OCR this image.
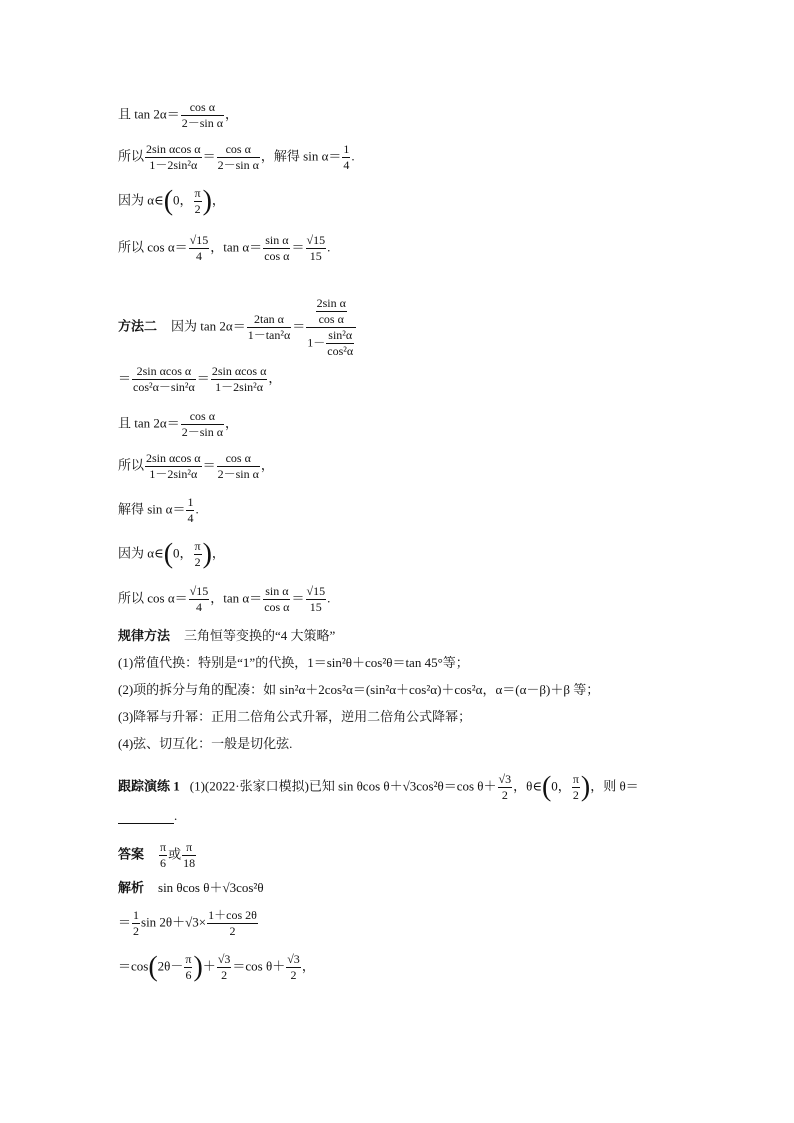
且 $\tan 2\alpha= \frac{\text{cos α}}{\text{2－sin α}}$ ，
所以 $\frac{\text{2sin αcos α}}{\text{1－2sin²α}} = \frac{\text{cos α}}{\text{2－sin α}}$ ，解得 $\sin \alpha= \frac{1}{4}$ .
因为 α∈(0， $\frac{\pi}{2}$ )，
所以 $\cos \alpha= \frac{√15}{4}$ ，$\tan \alpha= \frac{\text{sin α}}{\text{cos α}} = \frac{√15}{15}$ .
方法二 因为 $\tan 2\alpha= \frac{\text{2tan α}}{\text{1－tan²α}} = \frac{\frac{\text{2sin α}}{\text{cos α}}}{1- \frac{\text{sin²α}}{\text{cos²α}}}$
＝ $\frac{\text{2sin αcos α}}{\text{cos²α－sin²α}} = \frac{\text{2sin αcos α}}{\text{1－2sin²α}}$ ，
且 $\tan 2\alpha= \frac{\text{cos α}}{\text{2－sin α}}$ ，
所以 $\frac{\text{2sin αcos α}}{\text{1－2sin²α}} = \frac{\text{cos α}}{\text{2－sin α}}$ ，
解得 $\sin \alpha= \frac{1}{4}$ .
因为 α∈(0， $\frac{\pi}{2}$ )，
所以 $\cos \alpha= \frac{√15}{4}$ ，$\tan \alpha= \frac{\text{sin α}}{\text{cos α}} = \frac{√15}{15}$ .
规律方法 三角恒等变换的“4 大策略”
(1)常值代换：特别是“1”的代换，1＝sin²θ＋cos²θ＝tan 45°等；
(2)项的拆分与角的配凑：如 sin²α＋2cos²α＝(sin²α＋cos²α)＋cos²α，α＝(α－β)＋β 等；
(3)降幂与升幂：正用二倍角公式升幂，逆用二倍角公式降幂；
(4)弦、切互化：一般是切化弦.
跟踪演练 1 (1)(2022·张家口模拟)已知 sin θcos θ＋√3cos²θ＝cos $\theta+ \frac{√3}{2}$ ，θ∈(0， $\frac{\pi}{2}$ )，则 θ＝
.
答案 $\frac{\pi}{6}$ 或 $\frac{\pi}{18}$
解析 sin θcos θ＋√3cos²θ
＝ $\frac{1}{2}$ $\sin 2\theta+√3\times \frac{1+\cos 2\theta}{2}$
$=\cos(2\theta- \frac{\pi}{6}$ )＋ $\frac{√3}{2} =\cos$ $\theta+ \frac{√3}{2}$ ，
